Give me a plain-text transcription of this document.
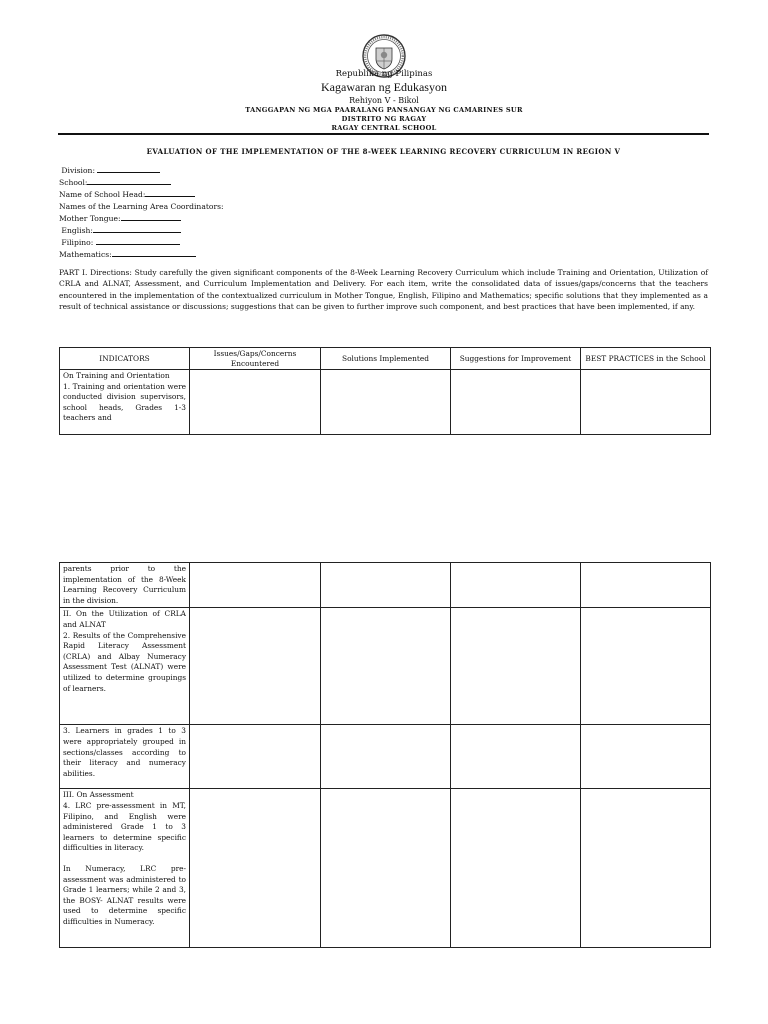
Republika ng Pilipinas
Kagawaran ng Edukasyon
Rehiyon V - Bikol
TANGGAPAN NG MGA PAARALANG PANSANGAY NG CAMARINES SUR
DISTRITO NG RAGAY
RAGAY CENTRAL SCHOOL
EVALUATION OF THE IMPLEMENTATION OF THE 8-WEEK LEARNING RECOVERY CURRICULUM IN REGION V
Division:
School:
Name of School Head:
Names of the Learning Area Coordinators:
Mother Tongue:
English:
Filipino:
Mathematics:
PART I. Directions: Study carefully the given significant components of the 8-Week Learning Recovery Curriculum which include Training and Orientation, Utilization of CRLA and ALNAT, Assessment, and Curriculum Implementation and Delivery. For each item, write the consolidated data of issues/gaps/concerns that the teachers encountered in the implementation of the contextualized curriculum in Mother Tongue, English, Filipino and Mathematics; specific solutions that they implemented as a result of technical assistance or discussions; suggestions that can be given to further improve such component, and best practices that have been implemented, if any.
INDICATORS	Issues/Gaps/Concerns Encountered	Solutions Implemented	Suggestions for Improvement	BEST PRACTICES in the School

On Training and Orientation
1. Training and orientation were conducted division supervisors, school heads, Grades 1-3 teachers and				

parents prior to the implementation of the 8-Week Learning Recovery Curriculum in the division.				

II. On the Utilization of CRLA and ALNAT
2. Results of the Comprehensive Rapid Literacy Assessment (CRLA) and Albay Numeracy Assessment Test (ALNAT) were utilized to determine groupings of learners.				

3. Learners in grades 1 to 3 were appropriately grouped in sections/classes according to their literacy and numeracy abilities.				

III. On Assessment
4. LRC pre-assessment in MT, Filipino, and English were administered Grade 1 to 3 learners to determine specific difficulties in literacy.
In Numeracy, LRC pre-assessment was administered to Grade 1 learners; while 2 and 3, the BOSY- ALNAT results were used to determine specific difficulties in Numeracy.				
